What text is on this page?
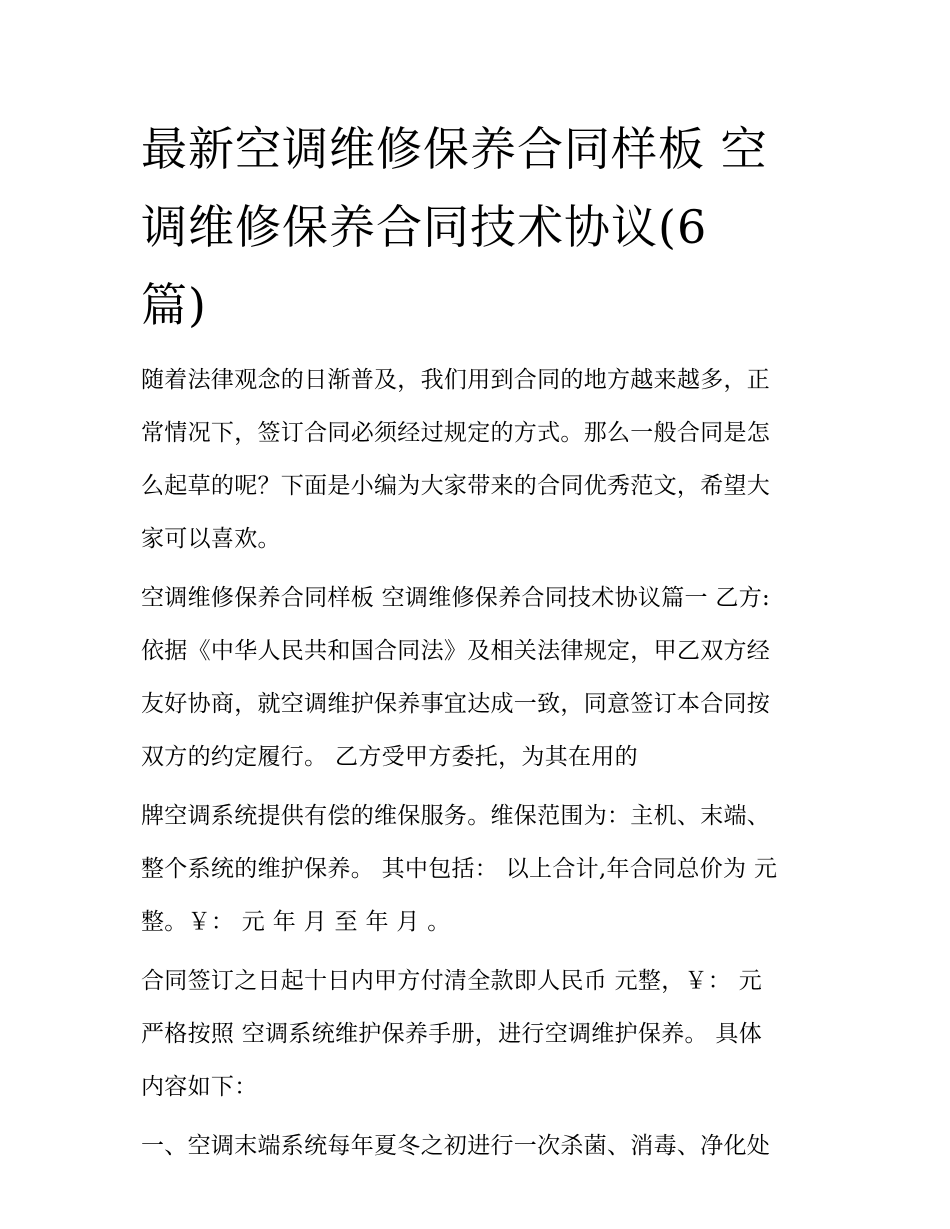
最新空调维修保养合同样板 空
调维修保养合同技术协议(6
篇)

随着法律观念的日渐普及，我们用到合同的地方越来越多，正
常情况下，签订合同必须经过规定的方式。那么一般合同是怎
么起草的呢？下面是小编为大家带来的合同优秀范文，希望大
家可以喜欢。

空调维修保养合同样板 空调维修保养合同技术协议篇一 乙方:
依据《中华人民共和国合同法》及相关法律规定，甲乙双方经
友好协商，就空调维护保养事宜达成一致，同意签订本合同按
双方的约定履行。 乙方受甲方委托，为其在用的

牌空调系统提供有偿的维保服务。维保范围为：主机、末端、
整个系统的维护保养。 其中包括： 以上合计,年合同总价为 元
整。￥： 元 年 月 至 年 月 。

合同签订之日起十日内甲方付清全款即人民币 元整，￥： 元
严格按照 空调系统维护保养手册，进行空调维护保养。 具体
内容如下：

一、空调末端系统每年夏冬之初进行一次杀菌、消毒、净化处
